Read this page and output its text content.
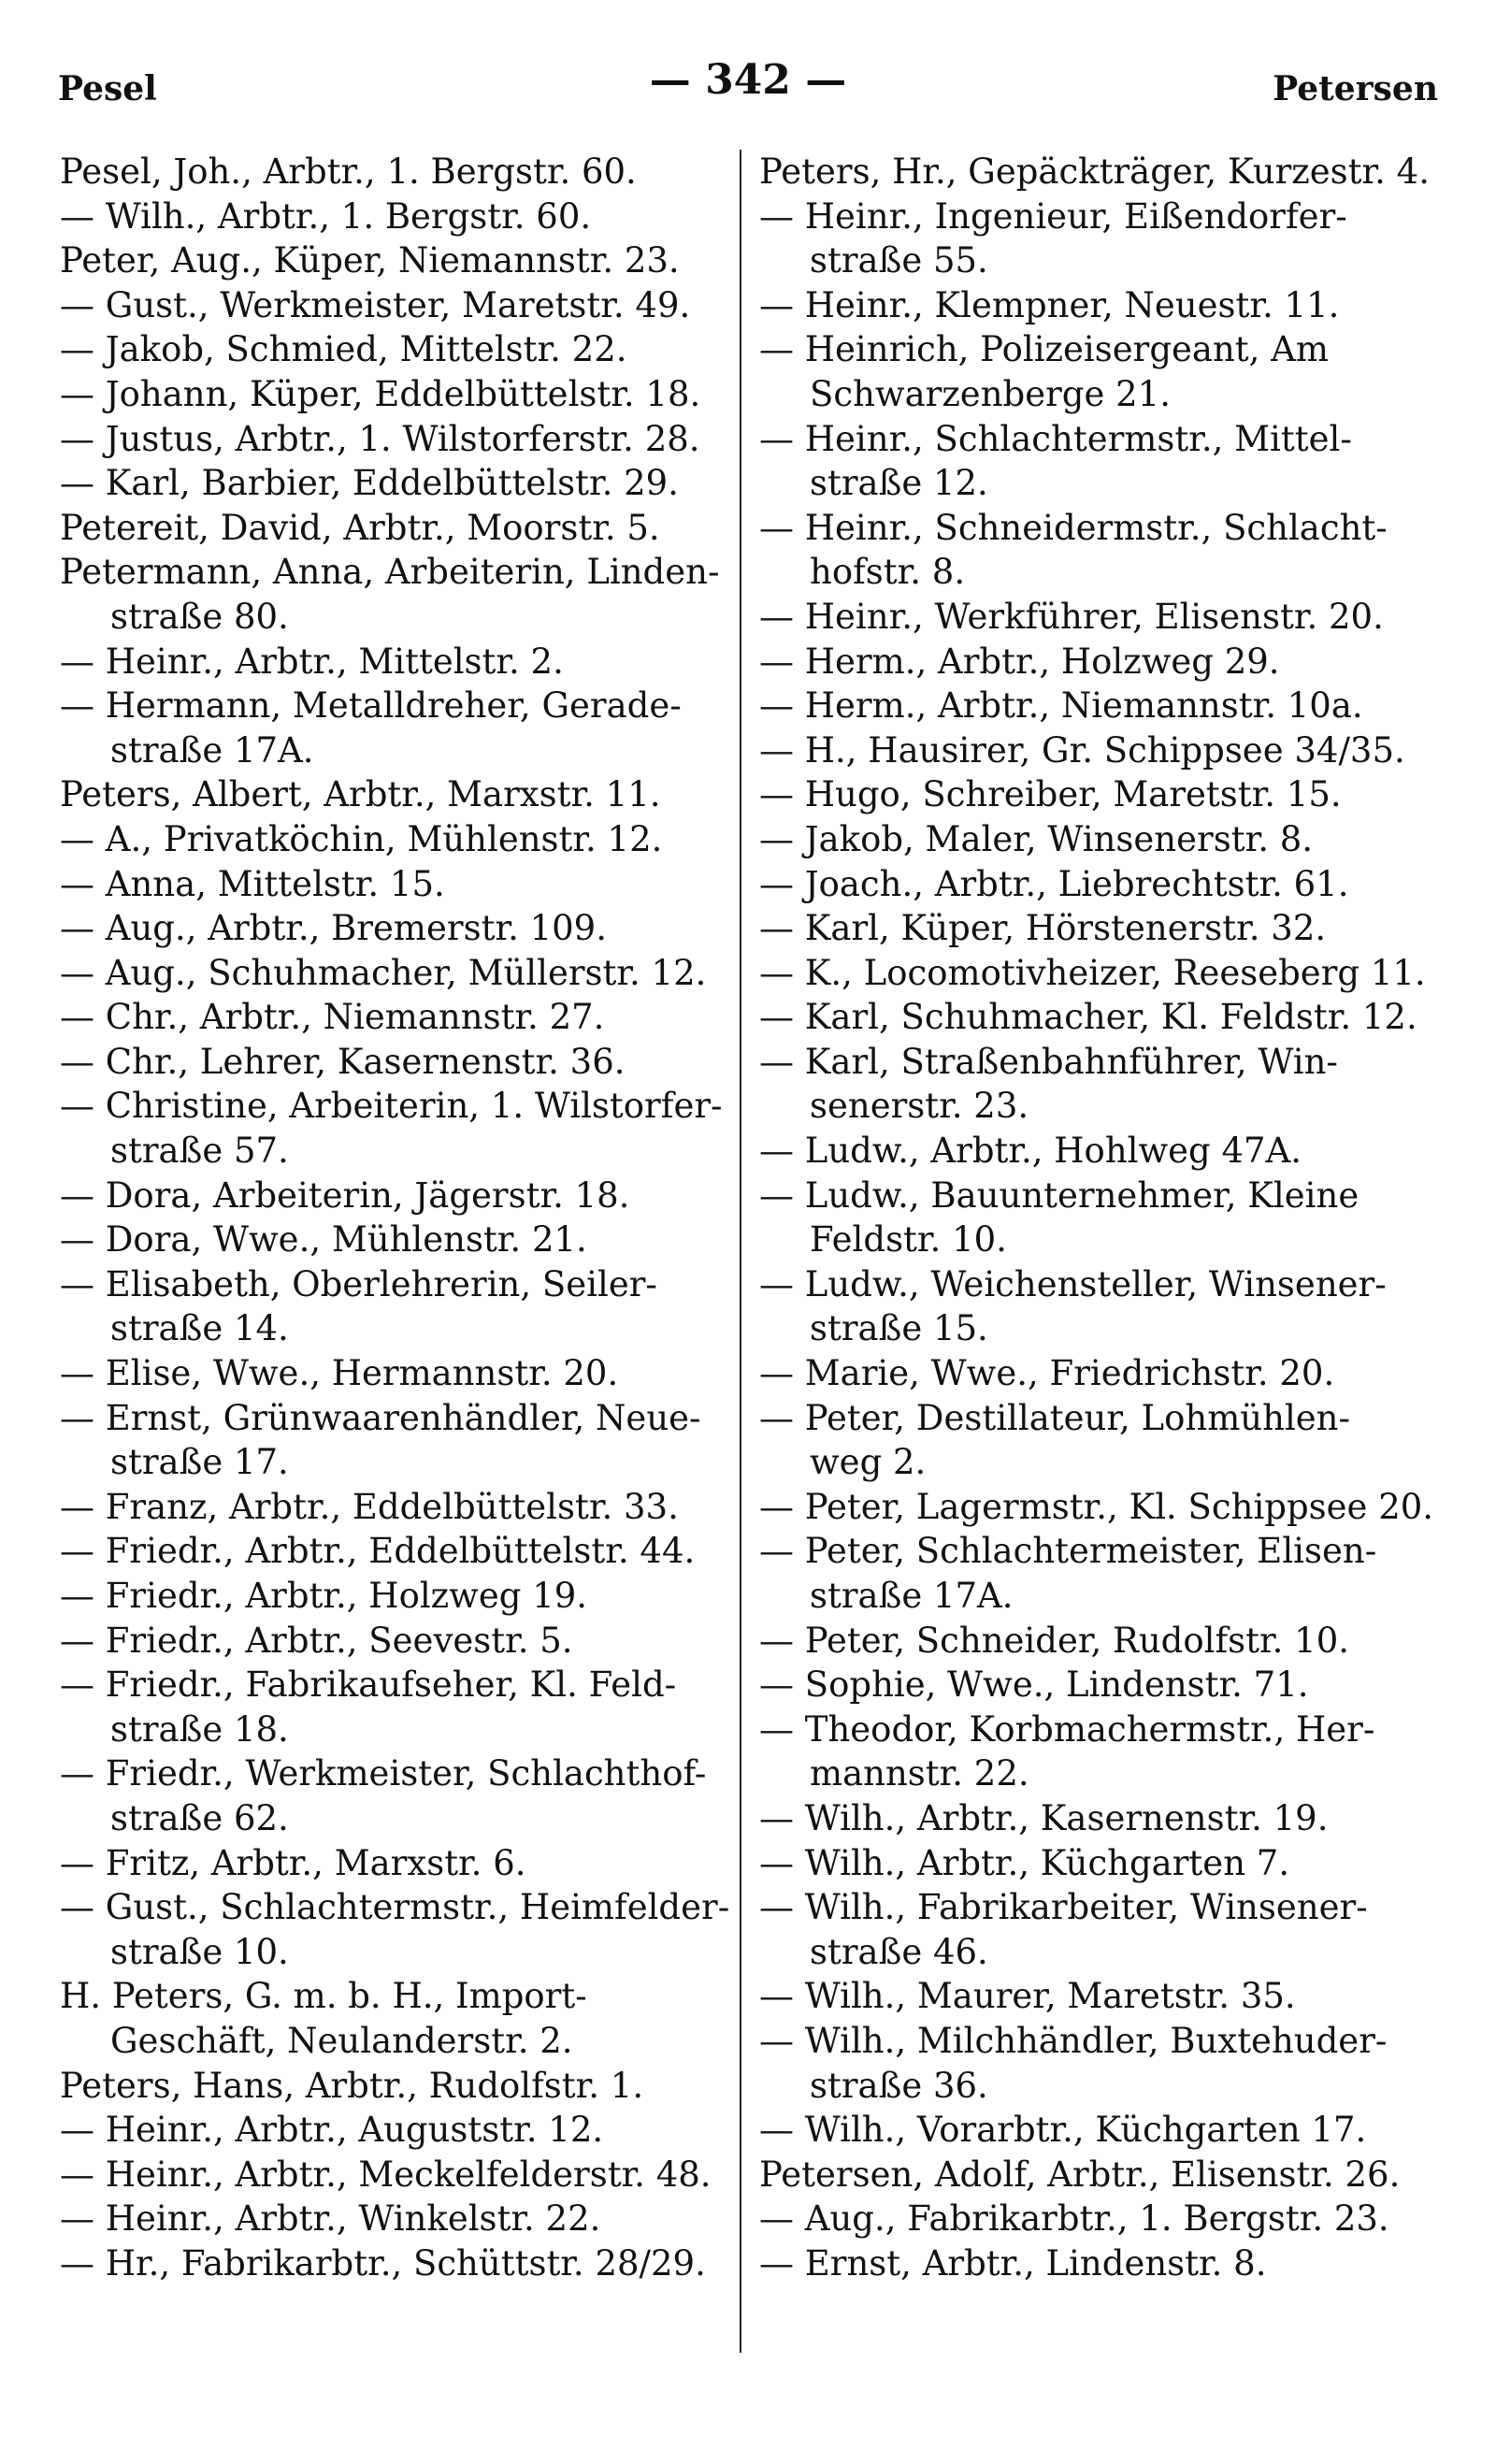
Pesel	— 342 —	Petersen
Pesel, Joh., Arbtr., 1. Bergstr. 60.
— Wilh., Arbtr., 1. Bergstr. 60.
Peter, Aug., Küper, Niemannstr. 23.
— Gust., Werkmeister, Maretstr. 49.
— Jakob, Schmied, Mittelstr. 22.
— Johann, Küper, Eddelbüttelstr. 18.
— Justus, Arbtr., 1. Wilstorferstr. 28.
— Karl, Barbier, Eddelbüttelstr. 29.
Petereit, David, Arbtr., Moorstr. 5.
Petermann, Anna, Arbeiterin, Linden-
straße 80.
— Heinr., Arbtr., Mittelstr. 2.
— Hermann, Metalldreher, Gerade-
straße 17A.
Peters, Albert, Arbtr., Marxstr. 11.
— A., Privatköchin, Mühlenstr. 12.
— Anna, Mittelstr. 15.
— Aug., Arbtr., Bremerstr. 109.
— Aug., Schuhmacher, Müllerstr. 12.
— Chr., Arbtr., Niemannstr. 27.
— Chr., Lehrer, Kasernenstr. 36.
— Christine, Arbeiterin, 1. Wilstorfer-
straße 57.
— Dora, Arbeiterin, Jägerstr. 18.
— Dora, Wwe., Mühlenstr. 21.
— Elisabeth, Oberlehrerin, Seiler-
straße 14.
— Elise, Wwe., Hermannstr. 20.
— Ernst, Grünwaarenhändler, Neue-
straße 17.
— Franz, Arbtr., Eddelbüttelstr. 33.
— Friedr., Arbtr., Eddelbüttelstr. 44.
— Friedr., Arbtr., Holzweg 19.
— Friedr., Arbtr., Seevestr. 5.
— Friedr., Fabrikaufseher, Kl. Feld-
straße 18.
— Friedr., Werkmeister, Schlachthof-
straße 62.
— Fritz, Arbtr., Marxstr. 6.
— Gust., Schlachtermstr., Heimfelder-
straße 10.
H. Peters, G. m. b. H., Import-
Geschäft, Neulanderstr. 2.
Peters, Hans, Arbtr., Rudolfstr. 1.
— Heinr., Arbtr., Auguststr. 12.
— Heinr., Arbtr., Meckelfelderstr. 48.
— Heinr., Arbtr., Winkelstr. 22.
— Hr., Fabrikarbtr., Schüttstr. 28/29.
Peters, Hr., Gepäckträger, Kurzestr. 4.
— Heinr., Ingenieur, Eißendorfer-
straße 55.
— Heinr., Klempner, Neuestr. 11.
— Heinrich, Polizeisergeant, Am
Schwarzenberge 21.
— Heinr., Schlachtermstr., Mittel-
straße 12.
— Heinr., Schneidermstr., Schlacht-
hofstr. 8.
— Heinr., Werkführer, Elisenstr. 20.
— Herm., Arbtr., Holzweg 29.
— Herm., Arbtr., Niemannstr. 10a.
— H., Hausirer, Gr. Schippsee 34/35.
— Hugo, Schreiber, Maretstr. 15.
— Jakob, Maler, Winsenerstr. 8.
— Joach., Arbtr., Liebrechtstr. 61.
— Karl, Küper, Hörstenerstr. 32.
— K., Locomotivheizer, Reeseberg 11.
— Karl, Schuhmacher, Kl. Feldstr. 12.
— Karl, Straßenbahnführer, Win-
senerstr. 23.
— Ludw., Arbtr., Hohlweg 47A.
— Ludw., Bauunternehmer, Kleine
Feldstr. 10.
— Ludw., Weichensteller, Winsener-
straße 15.
— Marie, Wwe., Friedrichstr. 20.
— Peter, Destillateur, Lohmühlen-
weg 2.
— Peter, Lagermstr., Kl. Schippsee 20.
— Peter, Schlachtermeister, Elisen-
straße 17A.
— Peter, Schneider, Rudolfstr. 10.
— Sophie, Wwe., Lindenstr. 71.
— Theodor, Korbmachermstr., Her-
mannstr. 22.
— Wilh., Arbtr., Kasernenstr. 19.
— Wilh., Arbtr., Küchgarten 7.
— Wilh., Fabrikarbeiter, Winsener-
straße 46.
— Wilh., Maurer, Maretstr. 35.
— Wilh., Milchhändler, Buxtehuder-
straße 36.
— Wilh., Vorarbtr., Küchgarten 17.
Petersen, Adolf, Arbtr., Elisenstr. 26.
— Aug., Fabrikarbtr., 1. Bergstr. 23.
— Ernst, Arbtr., Lindenstr. 8.
